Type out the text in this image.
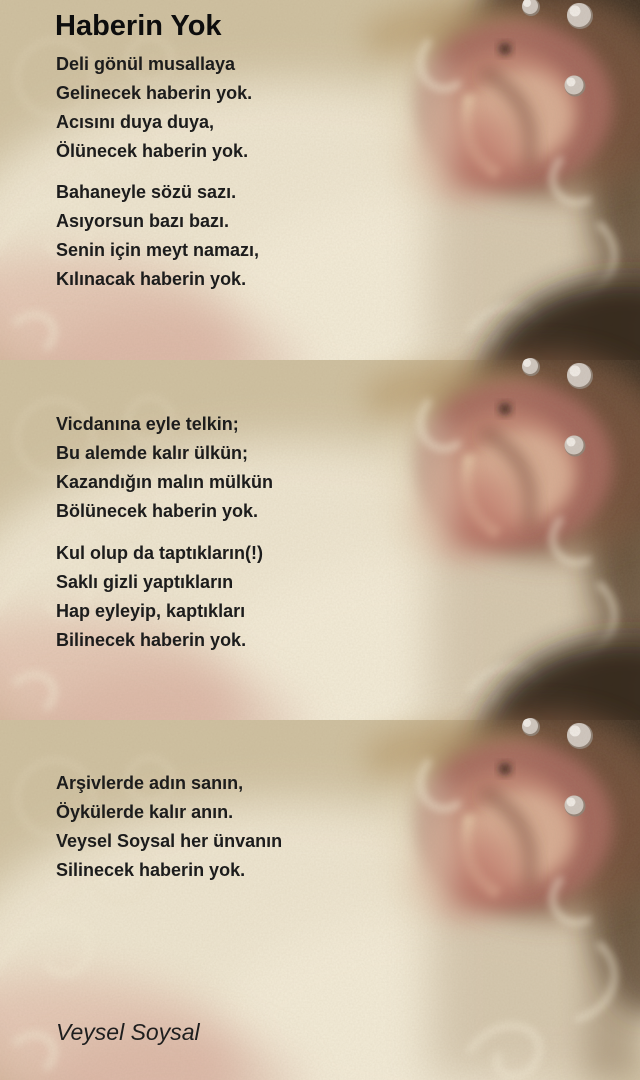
Haberin Yok
Deli gönül musallaya
Gelinecek haberin yok.
Acısını duya duya,
Ölünecek haberin yok.
Bahaneyle sözü sazı.
Asıyorsun bazı bazı.
Senin için meyt namazı,
Kılınacak haberin yok.
Vicdanına eyle telkin;
Bu alemde kalır ülkün;
Kazandığın malın mülkün
Bölünecek haberin yok.
Kul olup da taptıkların(!)
Saklı gizli yaptıkların
Hap eyleyip, kaptıkları
Bilinecek haberin yok.
Arşivlerde adın sanın,
Öykülerde kalır anın.
Veysel Soysal her ünvanın
Silinecek haberin yok.
Veysel Soysal
